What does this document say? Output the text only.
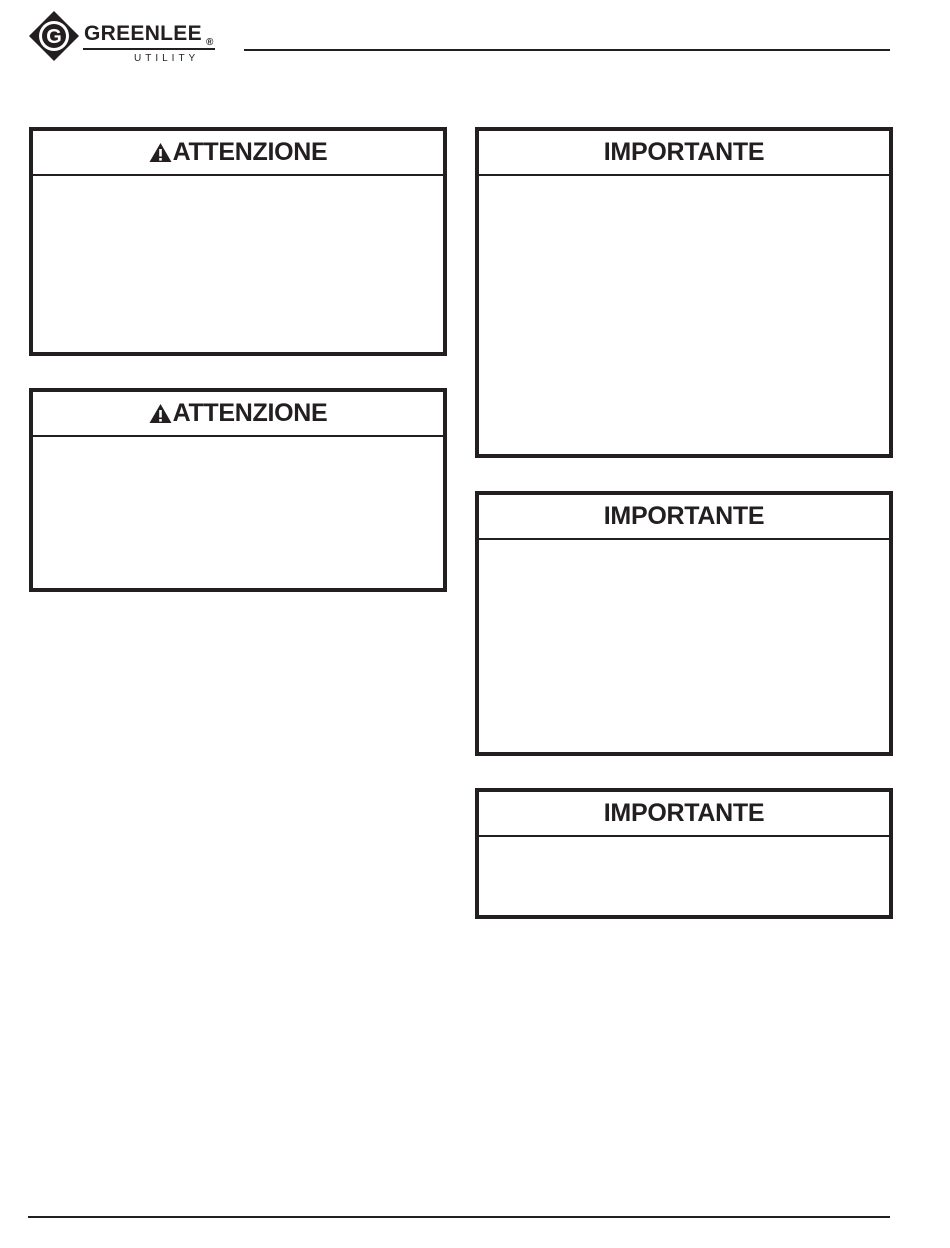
G GREENLEE ®
UTILITY
ATTENZIONE
ATTENZIONE
IMPORTANTE
IMPORTANTE
IMPORTANTE
